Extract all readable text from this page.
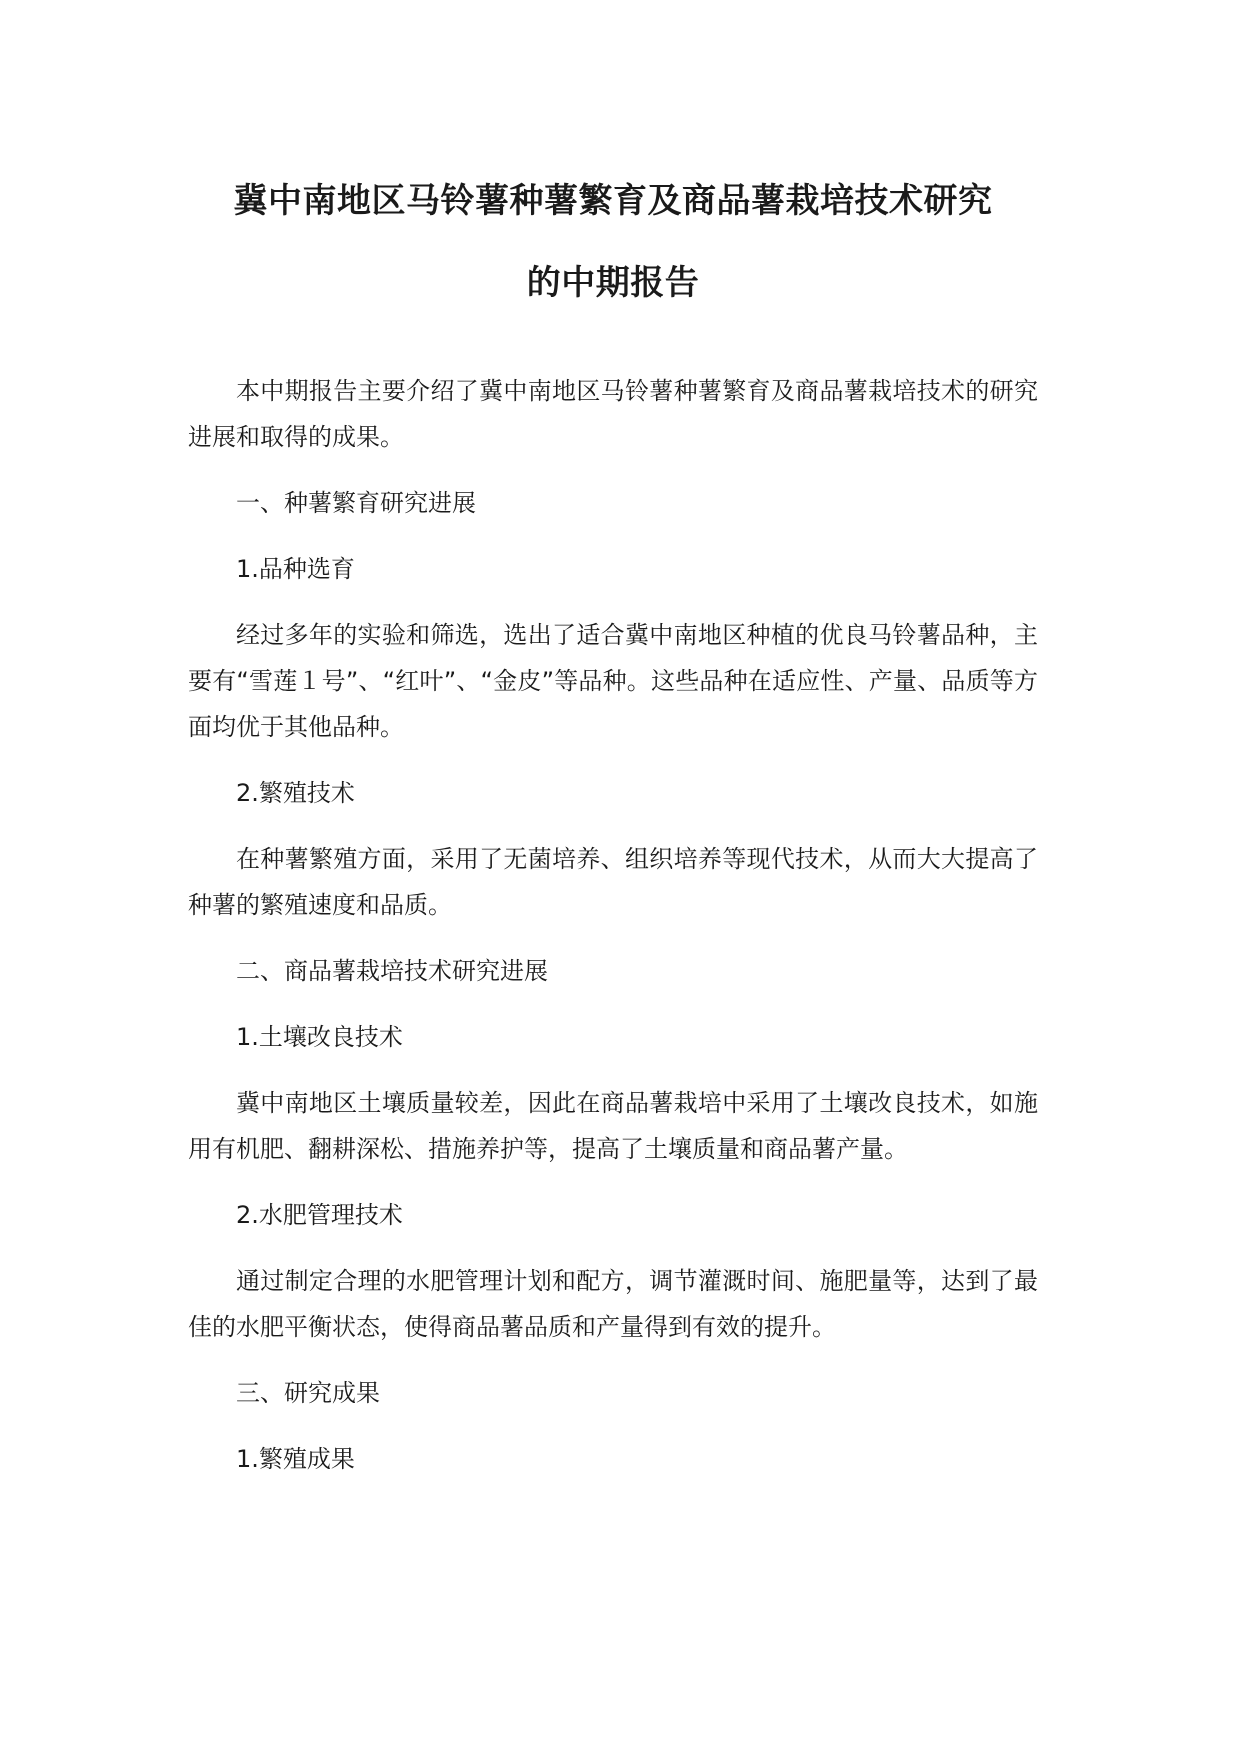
冀中南地区马铃薯种薯繁育及商品薯栽培技术研究
的中期报告

本中期报告主要介绍了冀中南地区马铃薯种薯繁育及商品薯栽培技术的研究进展和取得的成果。

一、种薯繁育研究进展

1.品种选育

经过多年的实验和筛选，选出了适合冀中南地区种植的优良马铃薯品种，主要有“雪莲１号”、“红叶”、“金皮”等品种。这些品种在适应性、产量、品质等方面均优于其他品种。

2.繁殖技术

在种薯繁殖方面，采用了无菌培养、组织培养等现代技术，从而大大提高了种薯的繁殖速度和品质。

二、商品薯栽培技术研究进展

1.土壤改良技术

冀中南地区土壤质量较差，因此在商品薯栽培中采用了土壤改良技术，如施用有机肥、翻耕深松、措施养护等，提高了土壤质量和商品薯产量。

2.水肥管理技术

通过制定合理的水肥管理计划和配方，调节灌溉时间、施肥量等，达到了最佳的水肥平衡状态，使得商品薯品质和产量得到有效的提升。

三、研究成果

1.繁殖成果
